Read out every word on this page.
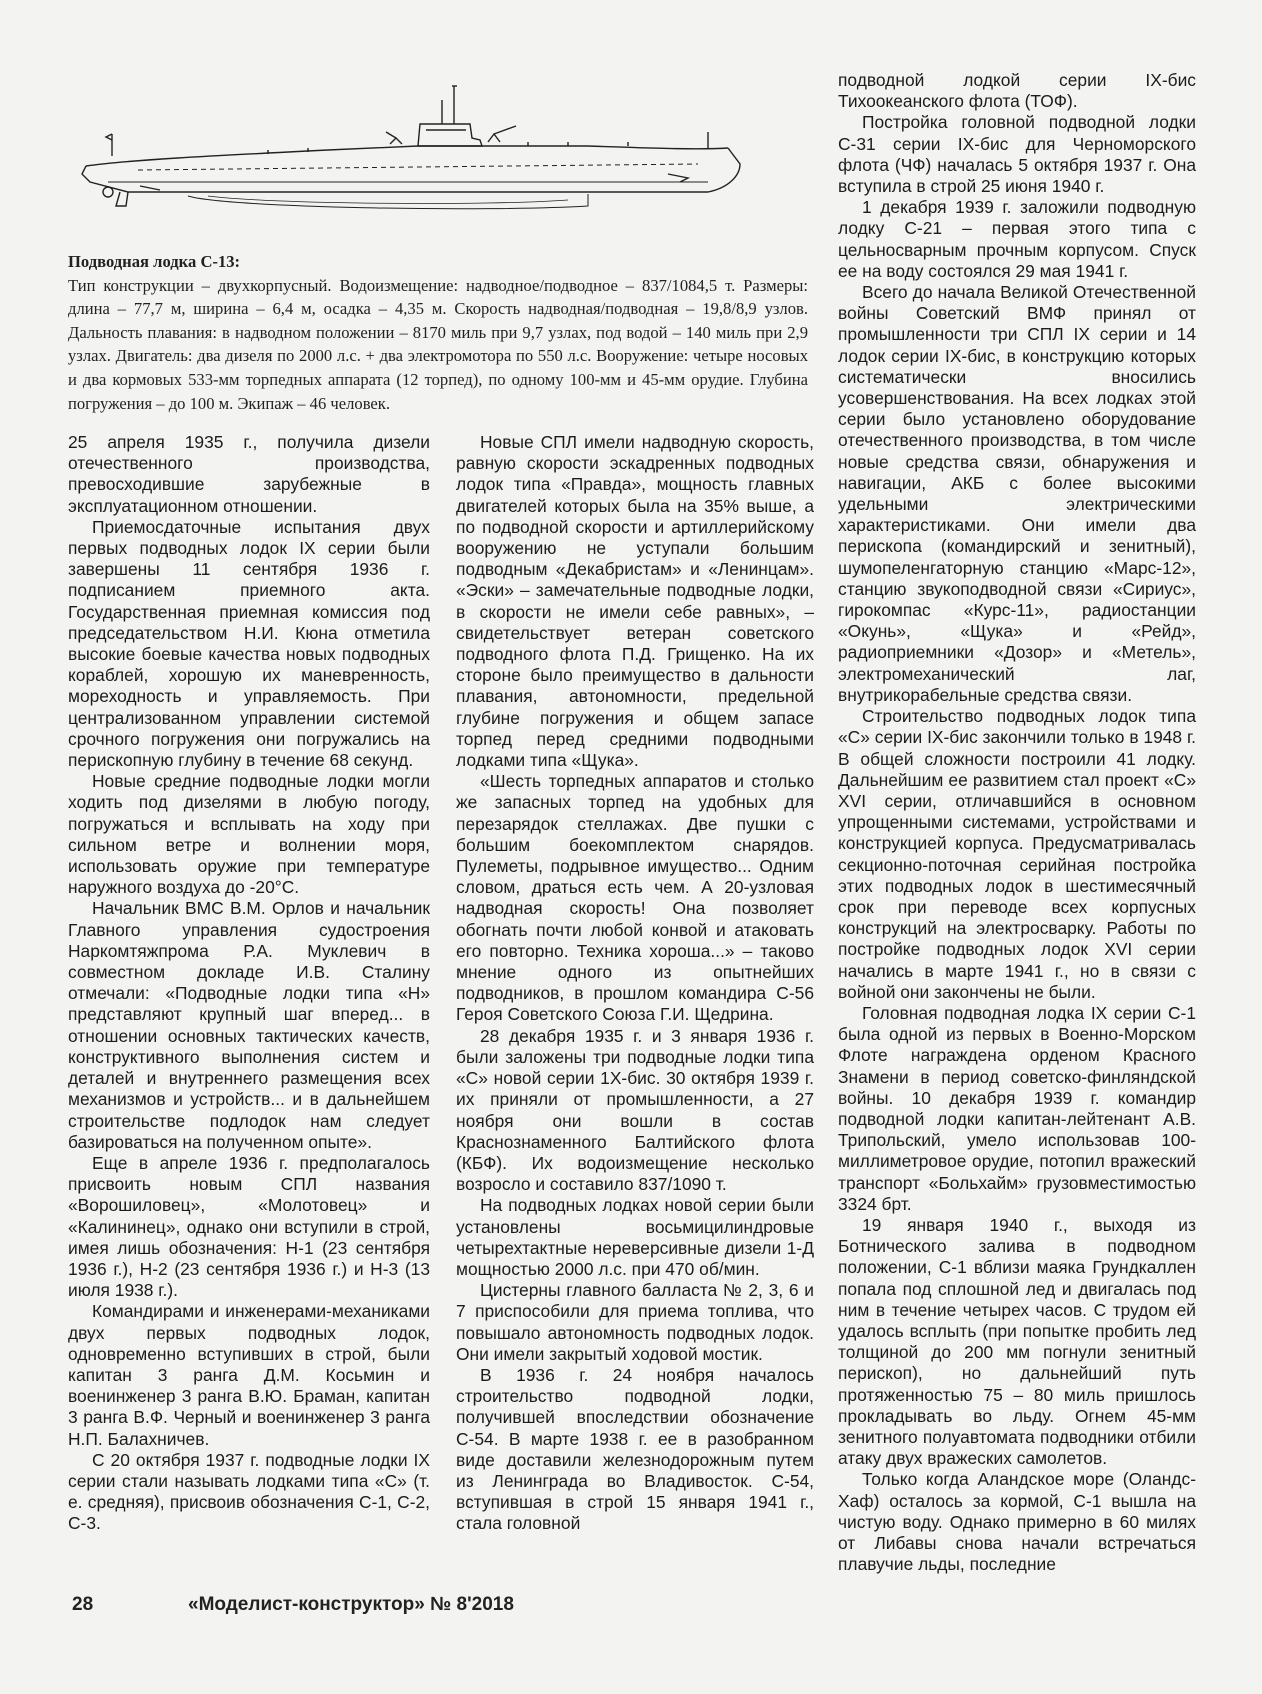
Подводная лодка С-13:
Тип конструкции – двухкорпусный. Водоизмещение: надводное/подводное – 837/1084,5 т. Размеры: длина – 77,7 м, ширина – 6,4 м, осадка – 4,35 м. Скорость надводная/подводная – 19,8/8,9 узлов. Дальность плавания: в надводном положении – 8170 миль при 9,7 узлах, под водой – 140 миль при 2,9 узлах. Двигатель: два дизеля по 2000 л.с. + два электромотора по 550 л.с. Вооружение: четыре носовых и два кормовых 533-мм торпедных аппарата (12 торпед), по одному 100-мм и 45-мм орудие. Глубина погружения – до 100 м. Экипаж – 46 человек.

25 апреля 1935 г., получила дизели отечественного производства, превосходившие зарубежные в эксплуатационном отношении.

Приемосдаточные испытания двух первых подводных лодок IX серии были завершены 11 сентября 1936 г. подписанием приемного акта. Государственная приемная комиссия под председательством Н.И. Кюна отметила высокие боевые качества новых подводных кораблей, хорошую их маневренность, мореходность и управляемость. При централизованном управлении системой срочного погружения они погружались на перископную глубину в течение 68 секунд.

Новые средние подводные лодки могли ходить под дизелями в любую погоду, погружаться и всплывать на ходу при сильном ветре и волнении моря, использовать оружие при температуре наружного воздуха до -20°С.

Начальник ВМС В.М. Орлов и начальник Главного управления судостроения Наркомтяжпрома Р.А. Муклевич в совместном докладе И.В. Сталину отмечали: «Подводные лодки типа «Н» представляют крупный шаг вперед... в отношении основных тактических качеств, конструктивного выполнения систем и деталей и внутреннего размещения всех механизмов и устройств... и в дальнейшем строительстве подлодок нам следует базироваться на полученном опыте».

Еще в апреле 1936 г. предполагалось присвоить новым СПЛ названия «Ворошиловец», «Молотовец» и «Калининец», однако они вступили в строй, имея лишь обозначения: Н-1 (23 сентября 1936 г.), Н-2 (23 сентября 1936 г.) и Н-3 (13 июля 1938 г.).

Командирами и инженерами-механиками двух первых подводных лодок, одновременно вступивших в строй, были капитан 3 ранга Д.М. Косьмин и военинженер 3 ранга В.Ю. Браман, капитан 3 ранга В.Ф. Черный и военинженер 3 ранга Н.П. Балахничев.

С 20 октября 1937 г. подводные лодки IX серии стали называть лодками типа «С» (т. е. средняя), присвоив обозначения С-1, С-2, С-3.

Новые СПЛ имели надводную скорость, равную скорости эскадренных подводных лодок типа «Правда», мощность главных двигателей которых была на 35% выше, а по подводной скорости и артиллерийскому вооружению не уступали большим подводным «Декабристам» и «Ленинцам». «Эски» – замечательные подводные лодки, в скорости не имели себе равных», – свидетельствует ветеран советского подводного флота П.Д. Грищенко. На их стороне было преимущество в дальности плавания, автономности, предельной глубине погружения и общем запасе торпед перед средними подводными лодками типа «Щука».

«Шесть торпедных аппаратов и столько же запасных торпед на удобных для перезарядок стеллажах. Две пушки с большим боекомплектом снарядов. Пулеметы, подрывное имущество... Одним словом, драться есть чем. А 20-узловая надводная скорость! Она позволяет обогнать почти любой конвой и атаковать его повторно. Техника хороша...» – таково мнение одного из опытнейших подводников, в прошлом командира С-56 Героя Советского Союза Г.И. Щедрина.

28 декабря 1935 г. и 3 января 1936 г. были заложены три подводные лодки типа «С» новой серии 1Х-бис. 30 октября 1939 г. их приняли от промышленности, а 27 ноября они вошли в состав Краснознаменного Балтийского флота (КБФ). Их водоизмещение несколько возросло и составило 837/1090 т.

На подводных лодках новой серии были установлены восьмицилиндровые четырехтактные нереверсивные дизели 1-Д мощностью 2000 л.с. при 470 об/мин.

Цистерны главного балласта № 2, 3, 6 и 7 приспособили для приема топлива, что повышало автономность подводных лодок. Они имели закрытый ходовой мостик.

В 1936 г. 24 ноября началось строительство подводной лодки, получившей впоследствии обозначение С-54. В марте 1938 г. ее в разобранном виде доставили железнодорожным путем из Ленинграда во Владивосток. С-54, вступившая в строй 15 января 1941 г., стала головной

подводной лодкой серии IX-бис Тихоокеанского флота (ТОФ).

Постройка головной подводной лодки С-31 серии IX-бис для Черноморского флота (ЧФ) началась 5 октября 1937 г. Она вступила в строй 25 июня 1940 г.

1 декабря 1939 г. заложили подводную лодку С-21 – первая этого типа с цельносварным прочным корпусом. Спуск ее на воду состоялся 29 мая 1941 г.

Всего до начала Великой Отечественной войны Советский ВМФ принял от промышленности три СПЛ IX серии и 14 лодок серии IX-бис, в конструкцию которых систематически вносились усовершенствования. На всех лодках этой серии было установлено оборудование отечественного производства, в том числе новые средства связи, обнаружения и навигации, АКБ с более высокими удельными электрическими характеристиками. Они имели два перископа (командирский и зенитный), шумопеленгаторную станцию «Марс-12», станцию звукоподводной связи «Сириус», гирокомпас «Курс-11», радиостанции «Окунь», «Щука» и «Рейд», радиоприемники «Дозор» и «Метель», электромеханический лаг, внутрикорабельные средства связи.

Строительство подводных лодок типа «С» серии IX-бис закончили только в 1948 г. В общей сложности построили 41 лодку. Дальнейшим ее развитием стал проект «С» XVI серии, отличавшийся в основном упрощенными системами, устройствами и конструкцией корпуса. Предусматривалась секционно-поточная серийная постройка этих подводных лодок в шестимесячный срок при переводе всех корпусных конструкций на электросварку. Работы по постройке подводных лодок XVI серии начались в марте 1941 г., но в связи с войной они закончены не были.

Головная подводная лодка IX серии С-1 была одной из первых в Военно-Морском Флоте награждена орденом Красного Знамени в период советско-финляндской войны. 10 декабря 1939 г. командир подводной лодки капитан-лейтенант А.В. Трипольский, умело использовав 100-миллиметровое орудие, потопил вражеский транспорт «Больхайм» грузовместимостью 3324 брт.

19 января 1940 г., выходя из Ботнического залива в подводном положении, С-1 вблизи маяка Грундкаллен попала под сплошной лед и двигалась под ним в течение четырех часов. С трудом ей удалось всплыть (при попытке пробить лед толщиной до 200 мм погнули зенитный перископ), но дальнейший путь протяженностью 75 – 80 миль пришлось прокладывать во льду. Огнем 45-мм зенитного полуавтомата подводники отбили атаку двух вражеских самолетов.

Только когда Аландское море (Оландс-Хаф) осталось за кормой, С-1 вышла на чистую воду. Однако примерно в 60 милях от Либавы снова начали встречаться плавучие льды, последние

28	«Моделист-конструктор» № 8'2018
